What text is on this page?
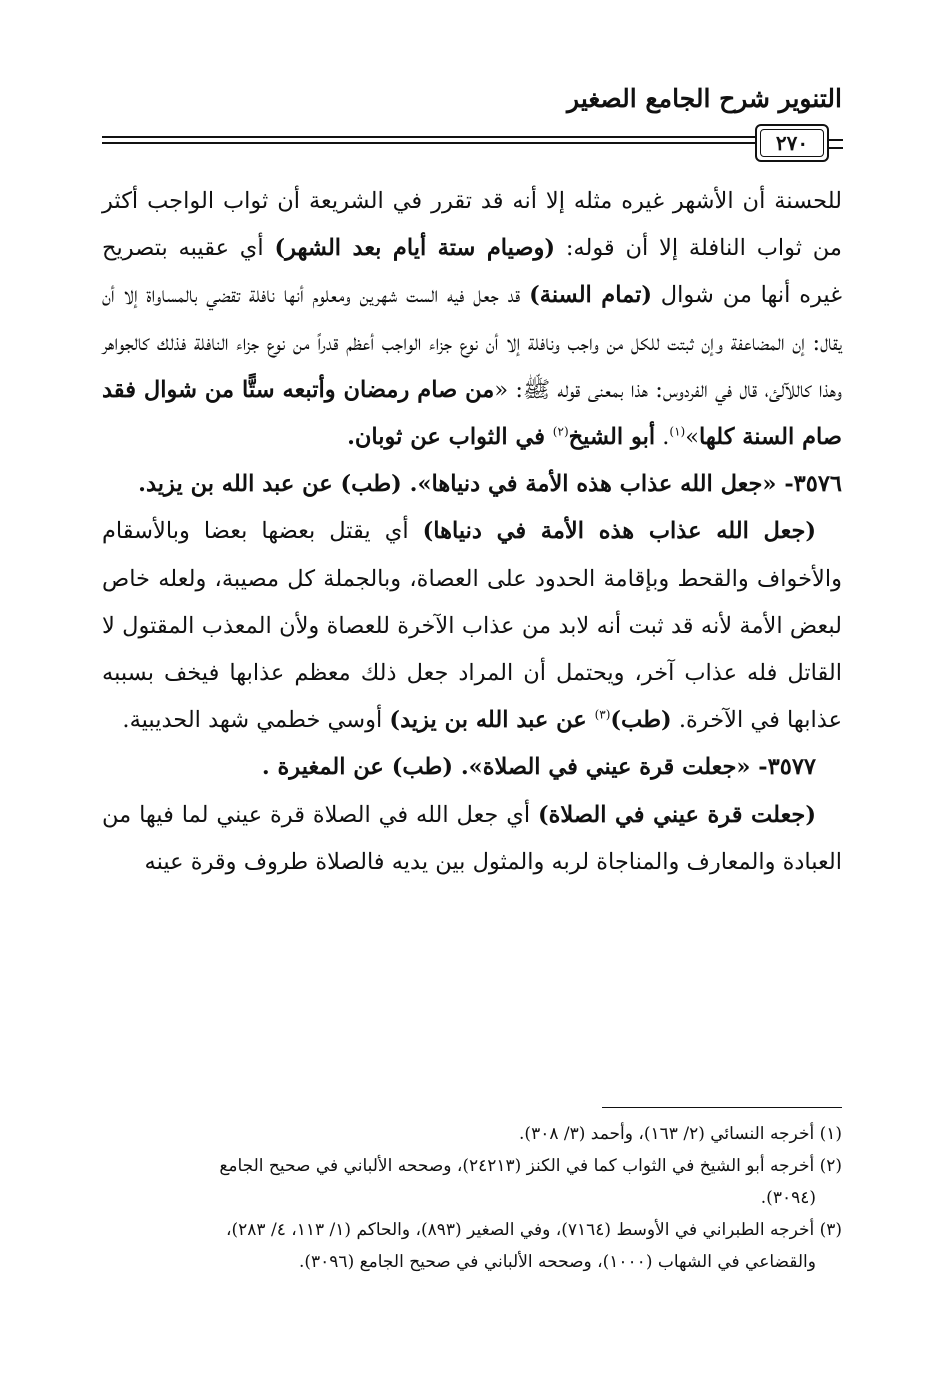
التنوير شرح الجامع الصغير
٢٧٠

للحسنة أن الأشهر غيره مثله إلا أنه قد تقرر في الشريعة أن ثواب الواجب أكثر من ثواب النافلة إلا أن قوله: (وصيام ستة أيام بعد الشهر) أي عقيبه بتصريح غيره أنها من شوال (تمام السنة) قد جعل فيه الست شهرين ومعلوم أنها نافلة تقضي بالمساواة إلا أن يقال: إن المضاعفة وإن ثبتت للكل من واجب ونافلة إلا أن نوع جزاء الواجب أعظم قدراً من نوع جزاء النافلة فذلك كالجواهر وهذا كاللآلئ، قال في الفردوس: هذا بمعنى قوله ﷺ: «من صام رمضان وأتبعه ستًّا من شوال فقد صام السنة كلها»$^{(١)}$. أبو الشيخ$^{(٢)}$ في الثواب عن ثوبان.

٣٥٧٦- «جعل الله عذاب هذه الأمة في دنياها». (طب) عن عبد الله بن يزيد.

(جعل الله عذاب هذه الأمة في دنياها) أي يقتل بعضها بعضا وبالأسقام والأخواف والقحط وبإقامة الحدود على العصاة، وبالجملة كل مصيبة، ولعله خاص لبعض الأمة لأنه قد ثبت أنه لابد من عذاب الآخرة للعصاة ولأن المعذب المقتول لا القاتل فله عذاب آخر، ويحتمل أن المراد جعل ذلك معظم عذابها فيخف بسببه عذابها في الآخرة. (طب)$^{(٣)}$ عن عبد الله بن يزيد) أوسي خطمي شهد الحديبية.

٣٥٧٧- «جعلت قرة عيني في الصلاة». (طب) عن المغيرة .

(جعلت قرة عيني في الصلاة) أي جعل الله في الصلاة قرة عيني لما فيها من العبادة والمعارف والمناجاة لربه والمثول بين يديه فالصلاة طروف وقرة عينه

(١) أخرجه النسائي (٢/ ١٦٣)، وأحمد (٣/ ٣٠٨).

(٢) أخرجه أبو الشيخ في الثواب كما في الكنز (٢٤٢١٣)، وصححه الألباني في صحيح الجامع

(٣٠٩٤).

(٣) أخرجه الطبراني في الأوسط (٧١٦٤)، وفي الصغير (٨٩٣)، والحاكم (١/ ١١٣، ٤/ ٢٨٣)،

والقضاعي في الشهاب (١٠٠٠)، وصححه الألباني في صحيح الجامع (٣٠٩٦).
